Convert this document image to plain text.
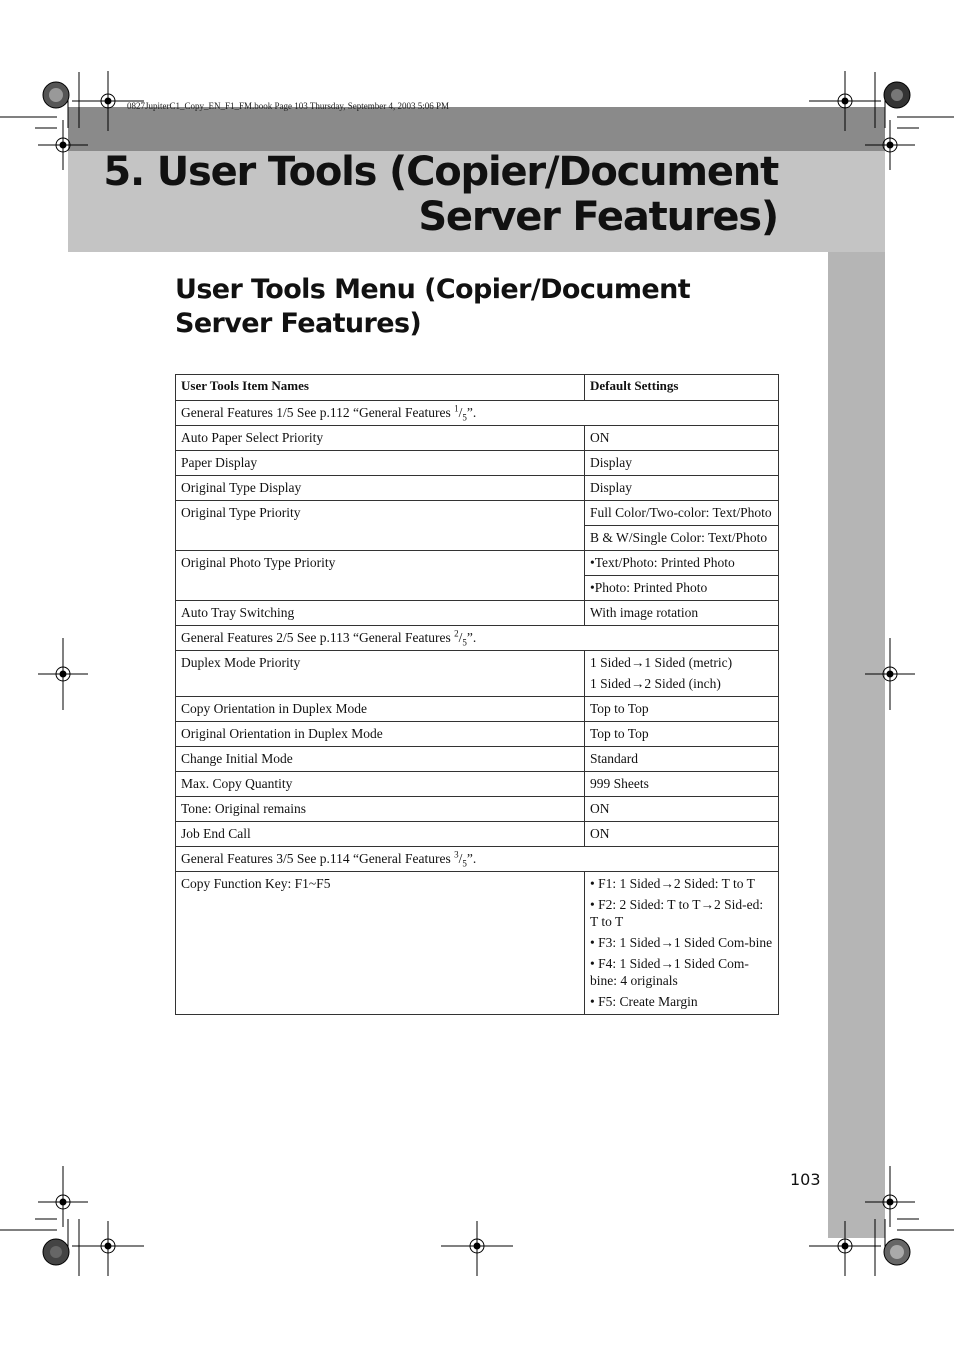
0827JupiterC1_Copy_EN_F1_FM.book Page 103 Thursday, September 4, 2003 5:06 PM
5. User Tools (Copier/Document
Server Features)
User Tools Menu (Copier/Document
Server Features)
User Tools Item Names	Default Settings
General Features 1/5 See p.112 “General Features $^1/_5$”.	
Auto Paper Select Priority	ON
Paper Display	Display
Original Type Display	Display
Original Type Priority	Full Color/Two-color: Text/Photo
	B & W/Single Color: Text/Photo
Original Photo Type Priority	•Text/Photo: Printed Photo
	•Photo: Printed Photo
Auto Tray Switching	With image rotation
General Features 2/5 See p.113 “General Features $^2/_5$”.	
Duplex Mode Priority	1 Sided→1 Sided (metric)
1 Sided→2 Sided (inch)

Copy Orientation in Duplex Mode	Top to Top
Original Orientation in Duplex Mode	Top to Top
Change Initial Mode	Standard
Max. Copy Quantity	999 Sheets
Tone: Original remains	ON
Job End Call	ON
General Features 3/5 See p.114 “General Features $^3/_5$”.	
Copy Function Key: F1~F5	• F1: 1 Sided→2 Sided: T to T
• F2: 2 Sided: T to T→2 Sid-ed: T to T
• F3: 1 Sided→1 Sided Com-bine
• F4: 1 Sided→1 Sided Com-bine: 4 originals
• F5: Create Margin
103
